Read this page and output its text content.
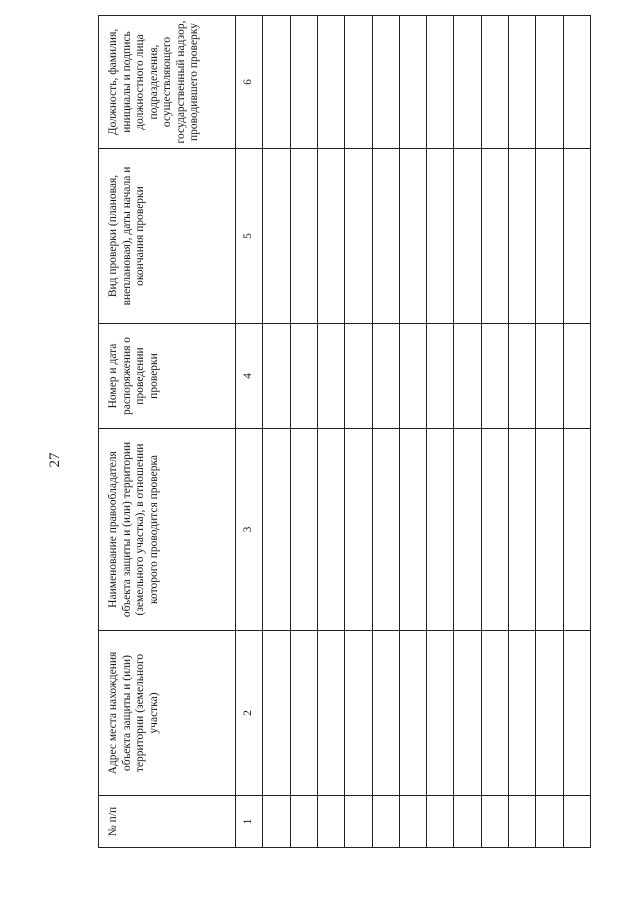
27
№ п/п	Адрес места нахождения объекта защиты и (или) территории (земельного участка)	Наименование правообладателя объекта защиты и (или) территории (земельного участка), в отношении которого проводится проверка	Номер и дата распоряжения о проведении проверки	Вид проверки (плановая, внеплановая), даты начала и окончания проверки	Должность, фамилия, инициалы и подпись должностного лица подразделения, осуществляющего государственный надзор, проводившего проверку
1	2	3	4	5	6
